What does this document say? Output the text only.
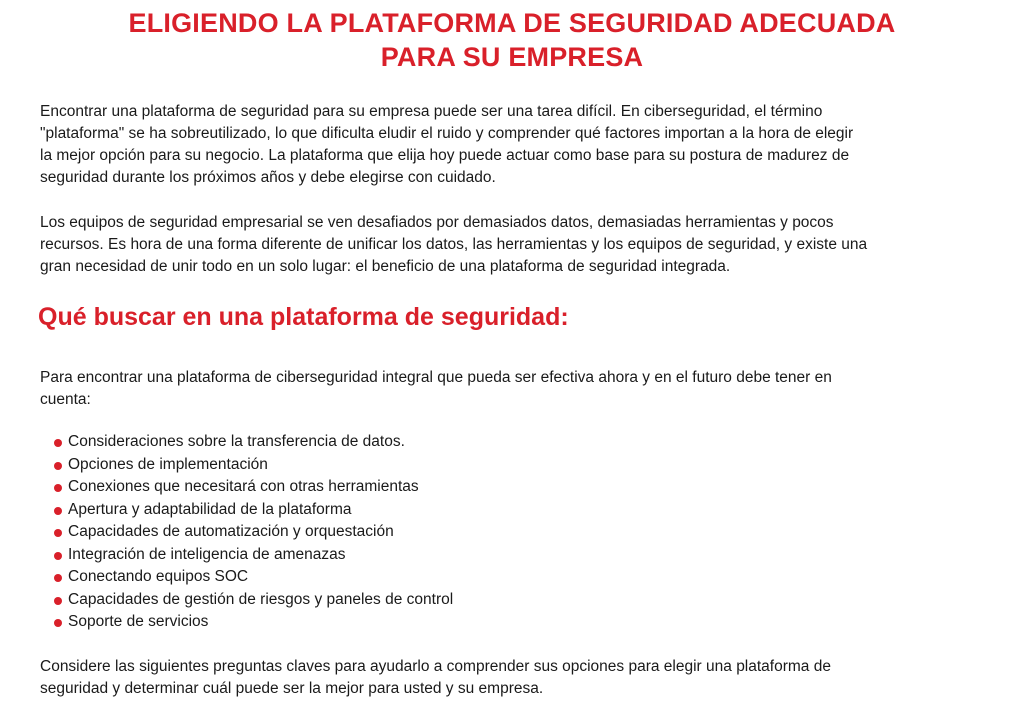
ELIGIENDO LA PLATAFORMA DE SEGURIDAD ADECUADA
PARA SU EMPRESA

Encontrar una plataforma de seguridad para su empresa puede ser una tarea difícil. En ciberseguridad, el término
"plataforma" se ha sobreutilizado, lo que dificulta eludir el ruido y comprender qué factores importan a la hora de elegir
la mejor opción para su negocio. La plataforma que elija hoy puede actuar como base para su postura de madurez de
seguridad durante los próximos años y debe elegirse con cuidado.

Los equipos de seguridad empresarial se ven desafiados por demasiados datos, demasiadas herramientas y pocos
recursos. Es hora de una forma diferente de unificar los datos, las herramientas y los equipos de seguridad, y existe una
gran necesidad de unir todo en un solo lugar: el beneficio de una plataforma de seguridad integrada.

Qué buscar en una plataforma de seguridad:

Para encontrar una plataforma de ciberseguridad integral que pueda ser efectiva ahora y en el futuro debe tener en
cuenta:

Consideraciones sobre la transferencia de datos.
Opciones de implementación
Conexiones que necesitará con otras herramientas
Apertura y adaptabilidad de la plataforma
Capacidades de automatización y orquestación
Integración de inteligencia de amenazas
Conectando equipos SOC
Capacidades de gestión de riesgos y paneles de control
Soporte de servicios

Considere las siguientes preguntas claves para ayudarlo a comprender sus opciones para elegir una plataforma de
seguridad y determinar cuál puede ser la mejor para usted y su empresa.
